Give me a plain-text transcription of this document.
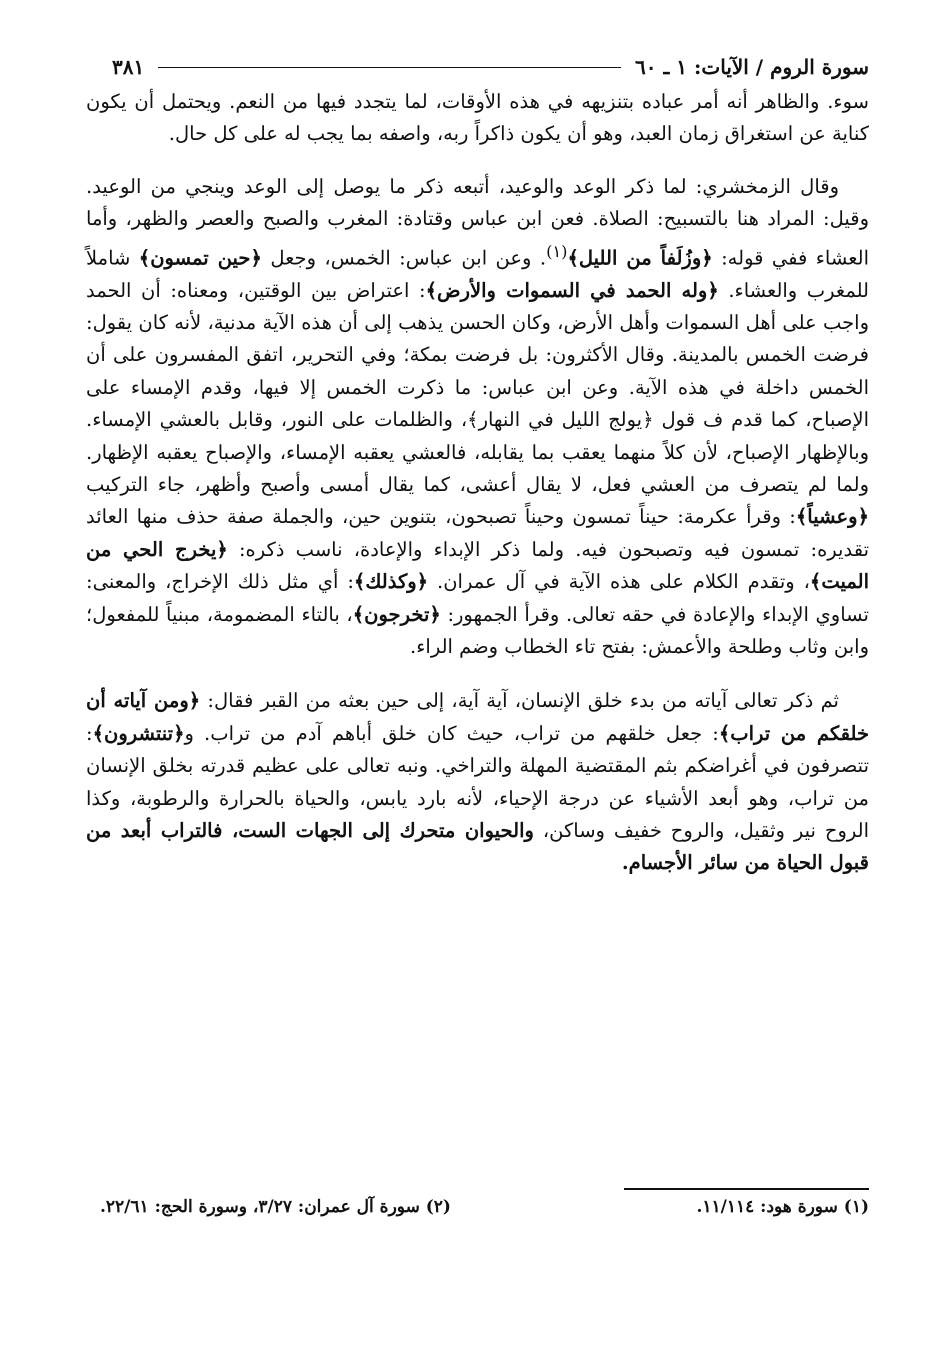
سورة الروم / الآيات: ١ ـ ٦٠
٣٨١

سوء. والظاهر أنه أمر عباده بتنزيهه في هذه الأوقات، لما يتجدد فيها من النعم. ويحتمل أن يكون كناية عن استغراق زمان العبد، وهو أن يكون ذاكراً ربه، واصفه بما يجب له على كل حال.

وقال الزمخشري: لما ذكر الوعد والوعيد، أتبعه ذكر ما يوصل إلى الوعد وينجي من الوعيد. وقيل: المراد هنا بالتسبيح: الصلاة. فعن ابن عباس وقتادة: المغرب والصبح والعصر والظهر، وأما العشاء ففي قوله: ﴿وزُلَفاً من الليل﴾$^{(١)}$. وعن ابن عباس: الخمس، وجعل ﴿حين تمسون﴾ شاملاً للمغرب والعشاء. ﴿وله الحمد في السموات والأرض﴾: اعتراض بين الوقتين، ومعناه: أن الحمد واجب على أهل السموات وأهل الأرض، وكان الحسن يذهب إلى أن هذه الآية مدنية، لأنه كان يقول: فرضت الخمس بالمدينة. وقال الأكثرون: بل فرضت بمكة؛ وفي التحرير، اتفق المفسرون على أن الخمس داخلة في هذه الآية. وعن ابن عباس: ما ذكرت الخمس إلا فيها، وقدم الإمساء على الإصباح، كما قدم ف قول ﴿يولج الليل في النهار﴾، والظلمات على النور، وقابل بالعشي الإمساء. وبالإظهار الإصباح، لأن كلاً منهما يعقب بما يقابله، فالعشي يعقبه الإمساء، والإصباح يعقبه الإظهار. ولما لم يتصرف من العشي فعل، لا يقال أعشى، كما يقال أمسى وأصبح وأظهر، جاء التركيب ﴿وعشياً﴾: وقرأ عكرمة: حيناً تمسون وحيناً تصبحون، بتنوين حين، والجملة صفة حذف منها العائد تقديره: تمسون فيه وتصبحون فيه. ولما ذكر الإبداء والإعادة، ناسب ذكره: ﴿يخرج الحي من الميت﴾، وتقدم الكلام على هذه الآية في آل عمران. ﴿وكذلك﴾: أي مثل ذلك الإخراج، والمعنى: تساوي الإبداء والإعادة في حقه تعالى. وقرأ الجمهور: ﴿تخرجون﴾، بالتاء المضمومة، مبنياً للمفعول؛ وابن وثاب وطلحة والأعمش: بفتح تاء الخطاب وضم الراء.

ثم ذكر تعالى آياته من بدء خلق الإنسان، آية آية، إلى حين بعثه من القبر فقال: ﴿ومن آياته أن خلقكم من تراب﴾: جعل خلقهم من تراب، حيث كان خلق أباهم آدم من تراب. و﴿تنتشرون﴾: تتصرفون في أغراضكم بثم المقتضية المهلة والتراخي. ونبه تعالى على عظيم قدرته بخلق الإنسان من تراب، وهو أبعد الأشياء عن درجة الإحياء، لأنه بارد يابس، والحياة بالحرارة والرطوبة، وكذا الروح نير وثقيل، والروح خفيف وساكن، والحيوان متحرك إلى الجهات الست، فالتراب أبعد من قبول الحياة من سائر الأجسام.

(١) سورة هود: ١١/١١٤.
(٢) سورة آل عمران: ٣/٢٧، وسورة الحج: ٢٢/٦١.
